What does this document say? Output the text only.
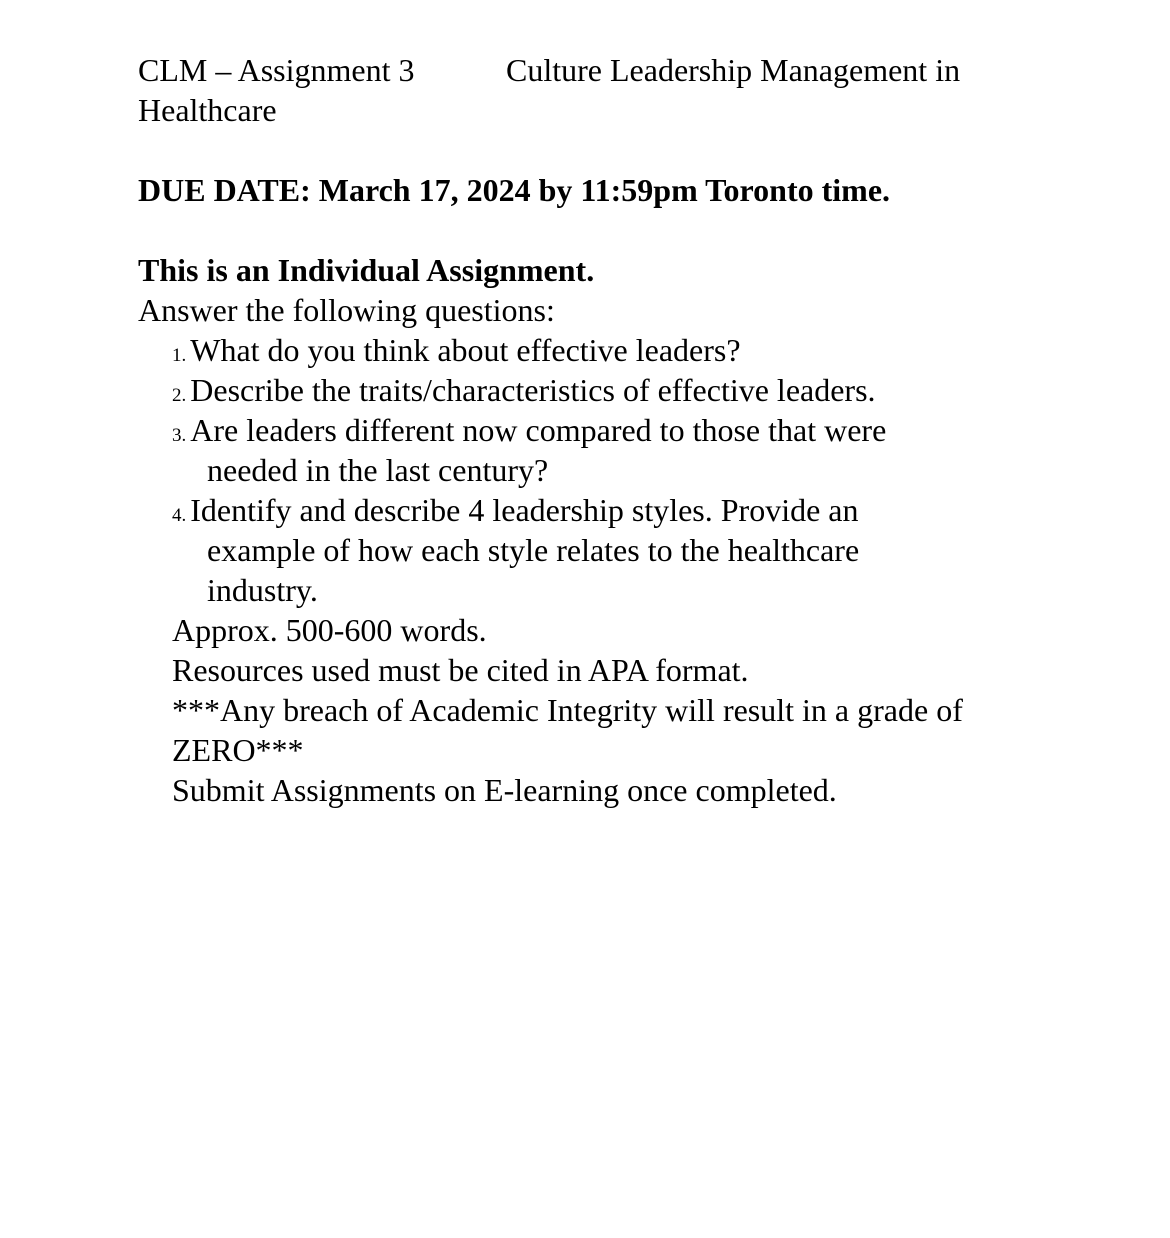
CLM – Assignment 3	Culture Leadership Management in
Healthcare
DUE DATE: March 17, 2024 by 11:59pm Toronto time.
This is an Individual Assignment.
Answer the following questions:
1. What do you think about effective leaders?
2. Describe the traits/characteristics of effective leaders.
3. Are leaders different now compared to those that were
needed in the last century?
4. Identify and describe 4 leadership styles. Provide an
example of how each style relates to the healthcare
industry.
Approx. 500-600 words.
Resources used must be cited in APA format.
***Any breach of Academic Integrity will result in a grade of
ZERO***
Submit Assignments on E-learning once completed.
